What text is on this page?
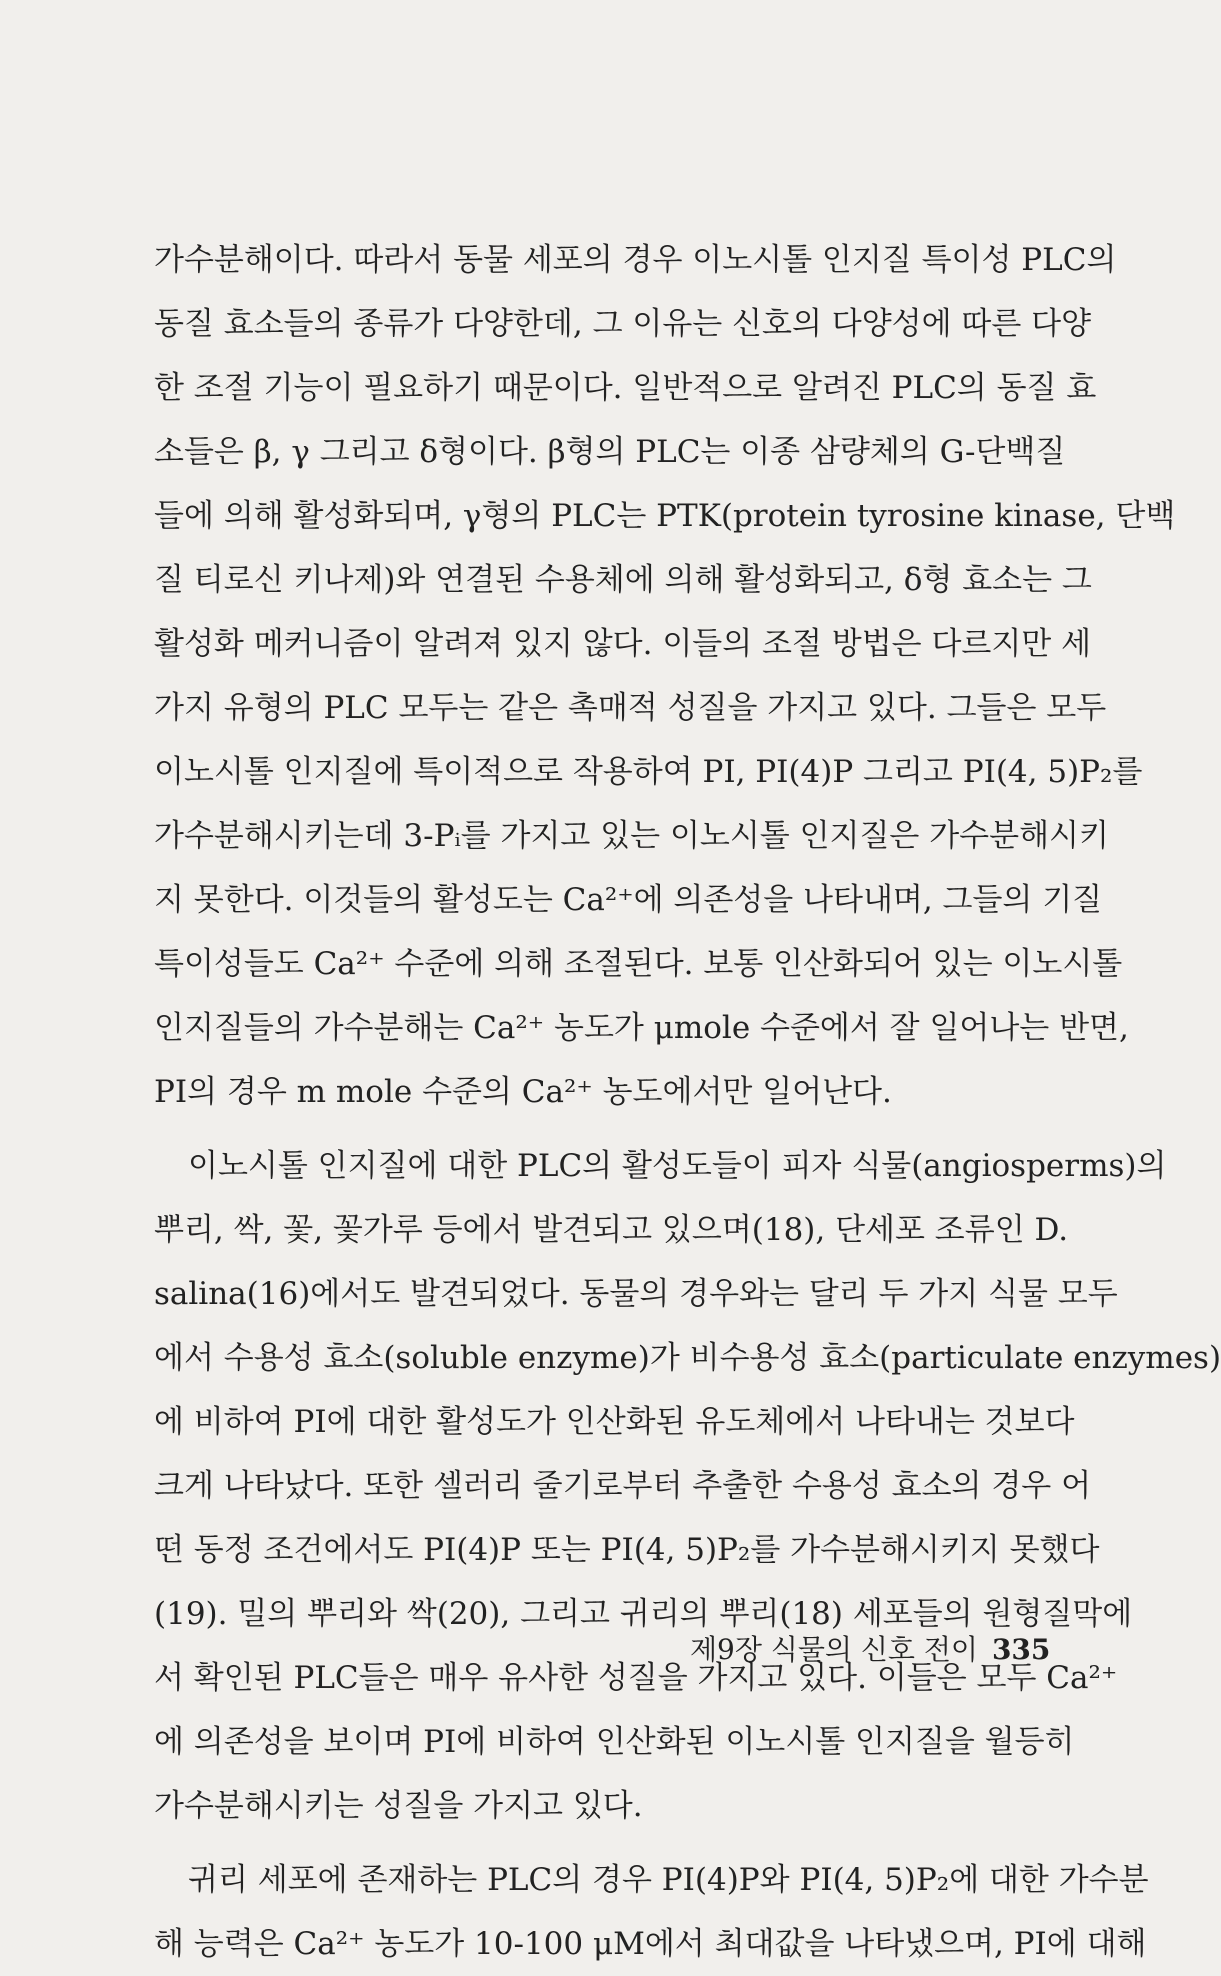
가수분해이다. 따라서 동물 세포의 경우 이노시톨 인지질 특이성 PLC의
동질 효소들의 종류가 다양한데, 그 이유는 신호의 다양성에 따른 다양
한 조절 기능이 필요하기 때문이다. 일반적으로 알려진 PLC의 동질 효
소들은 β, γ 그리고 δ형이다. β형의 PLC는 이종 삼량체의 G-단백질
들에 의해 활성화되며, γ형의 PLC는 PTK(protein tyrosine kinase, 단백
질 티로신 키나제)와 연결된 수용체에 의해 활성화되고, δ형 효소는 그
활성화 메커니즘이 알려져 있지 않다. 이들의 조절 방법은 다르지만 세
가지 유형의 PLC 모두는 같은 촉매적 성질을 가지고 있다. 그들은 모두
이노시톨 인지질에 특이적으로 작용하여 PI, PI(4)P 그리고 PI(4, 5)P₂를
가수분해시키는데 3-Pᵢ를 가지고 있는 이노시톨 인지질은 가수분해시키
지 못한다. 이것들의 활성도는 Ca²⁺에 의존성을 나타내며, 그들의 기질
특이성들도 Ca²⁺ 수준에 의해 조절된다. 보통 인산화되어 있는 이노시톨
인지질들의 가수분해는 Ca²⁺ 농도가 μmole 수준에서 잘 일어나는 반면,
PI의 경우 m mole 수준의 Ca²⁺ 농도에서만 일어난다.

이노시톨 인지질에 대한 PLC의 활성도들이 피자 식물(angiosperms)의
뿌리, 싹, 꽃, 꽃가루 등에서 발견되고 있으며(18), 단세포 조류인 D.
salina(16)에서도 발견되었다. 동물의 경우와는 달리 두 가지 식물 모두
에서 수용성 효소(soluble enzyme)가 비수용성 효소(particulate enzymes)
에 비하여 PI에 대한 활성도가 인산화된 유도체에서 나타내는 것보다
크게 나타났다. 또한 셀러리 줄기로부터 추출한 수용성 효소의 경우 어
떤 동정 조건에서도 PI(4)P 또는 PI(4, 5)P₂를 가수분해시키지 못했다
(19). 밀의 뿌리와 싹(20), 그리고 귀리의 뿌리(18) 세포들의 원형질막에
서 확인된 PLC들은 매우 유사한 성질을 가지고 있다. 이들은 모두 Ca²⁺
에 의존성을 보이며 PI에 비하여 인산화된 이노시톨 인지질을 월등히
가수분해시키는 성질을 가지고 있다.

귀리 세포에 존재하는 PLC의 경우 PI(4)P와 PI(4, 5)P₂에 대한 가수분
해 능력은 Ca²⁺ 농도가 10-100 μM에서 최대값을 나타냈으며, PI에 대해

제9장 식물의 신호 전이 335
